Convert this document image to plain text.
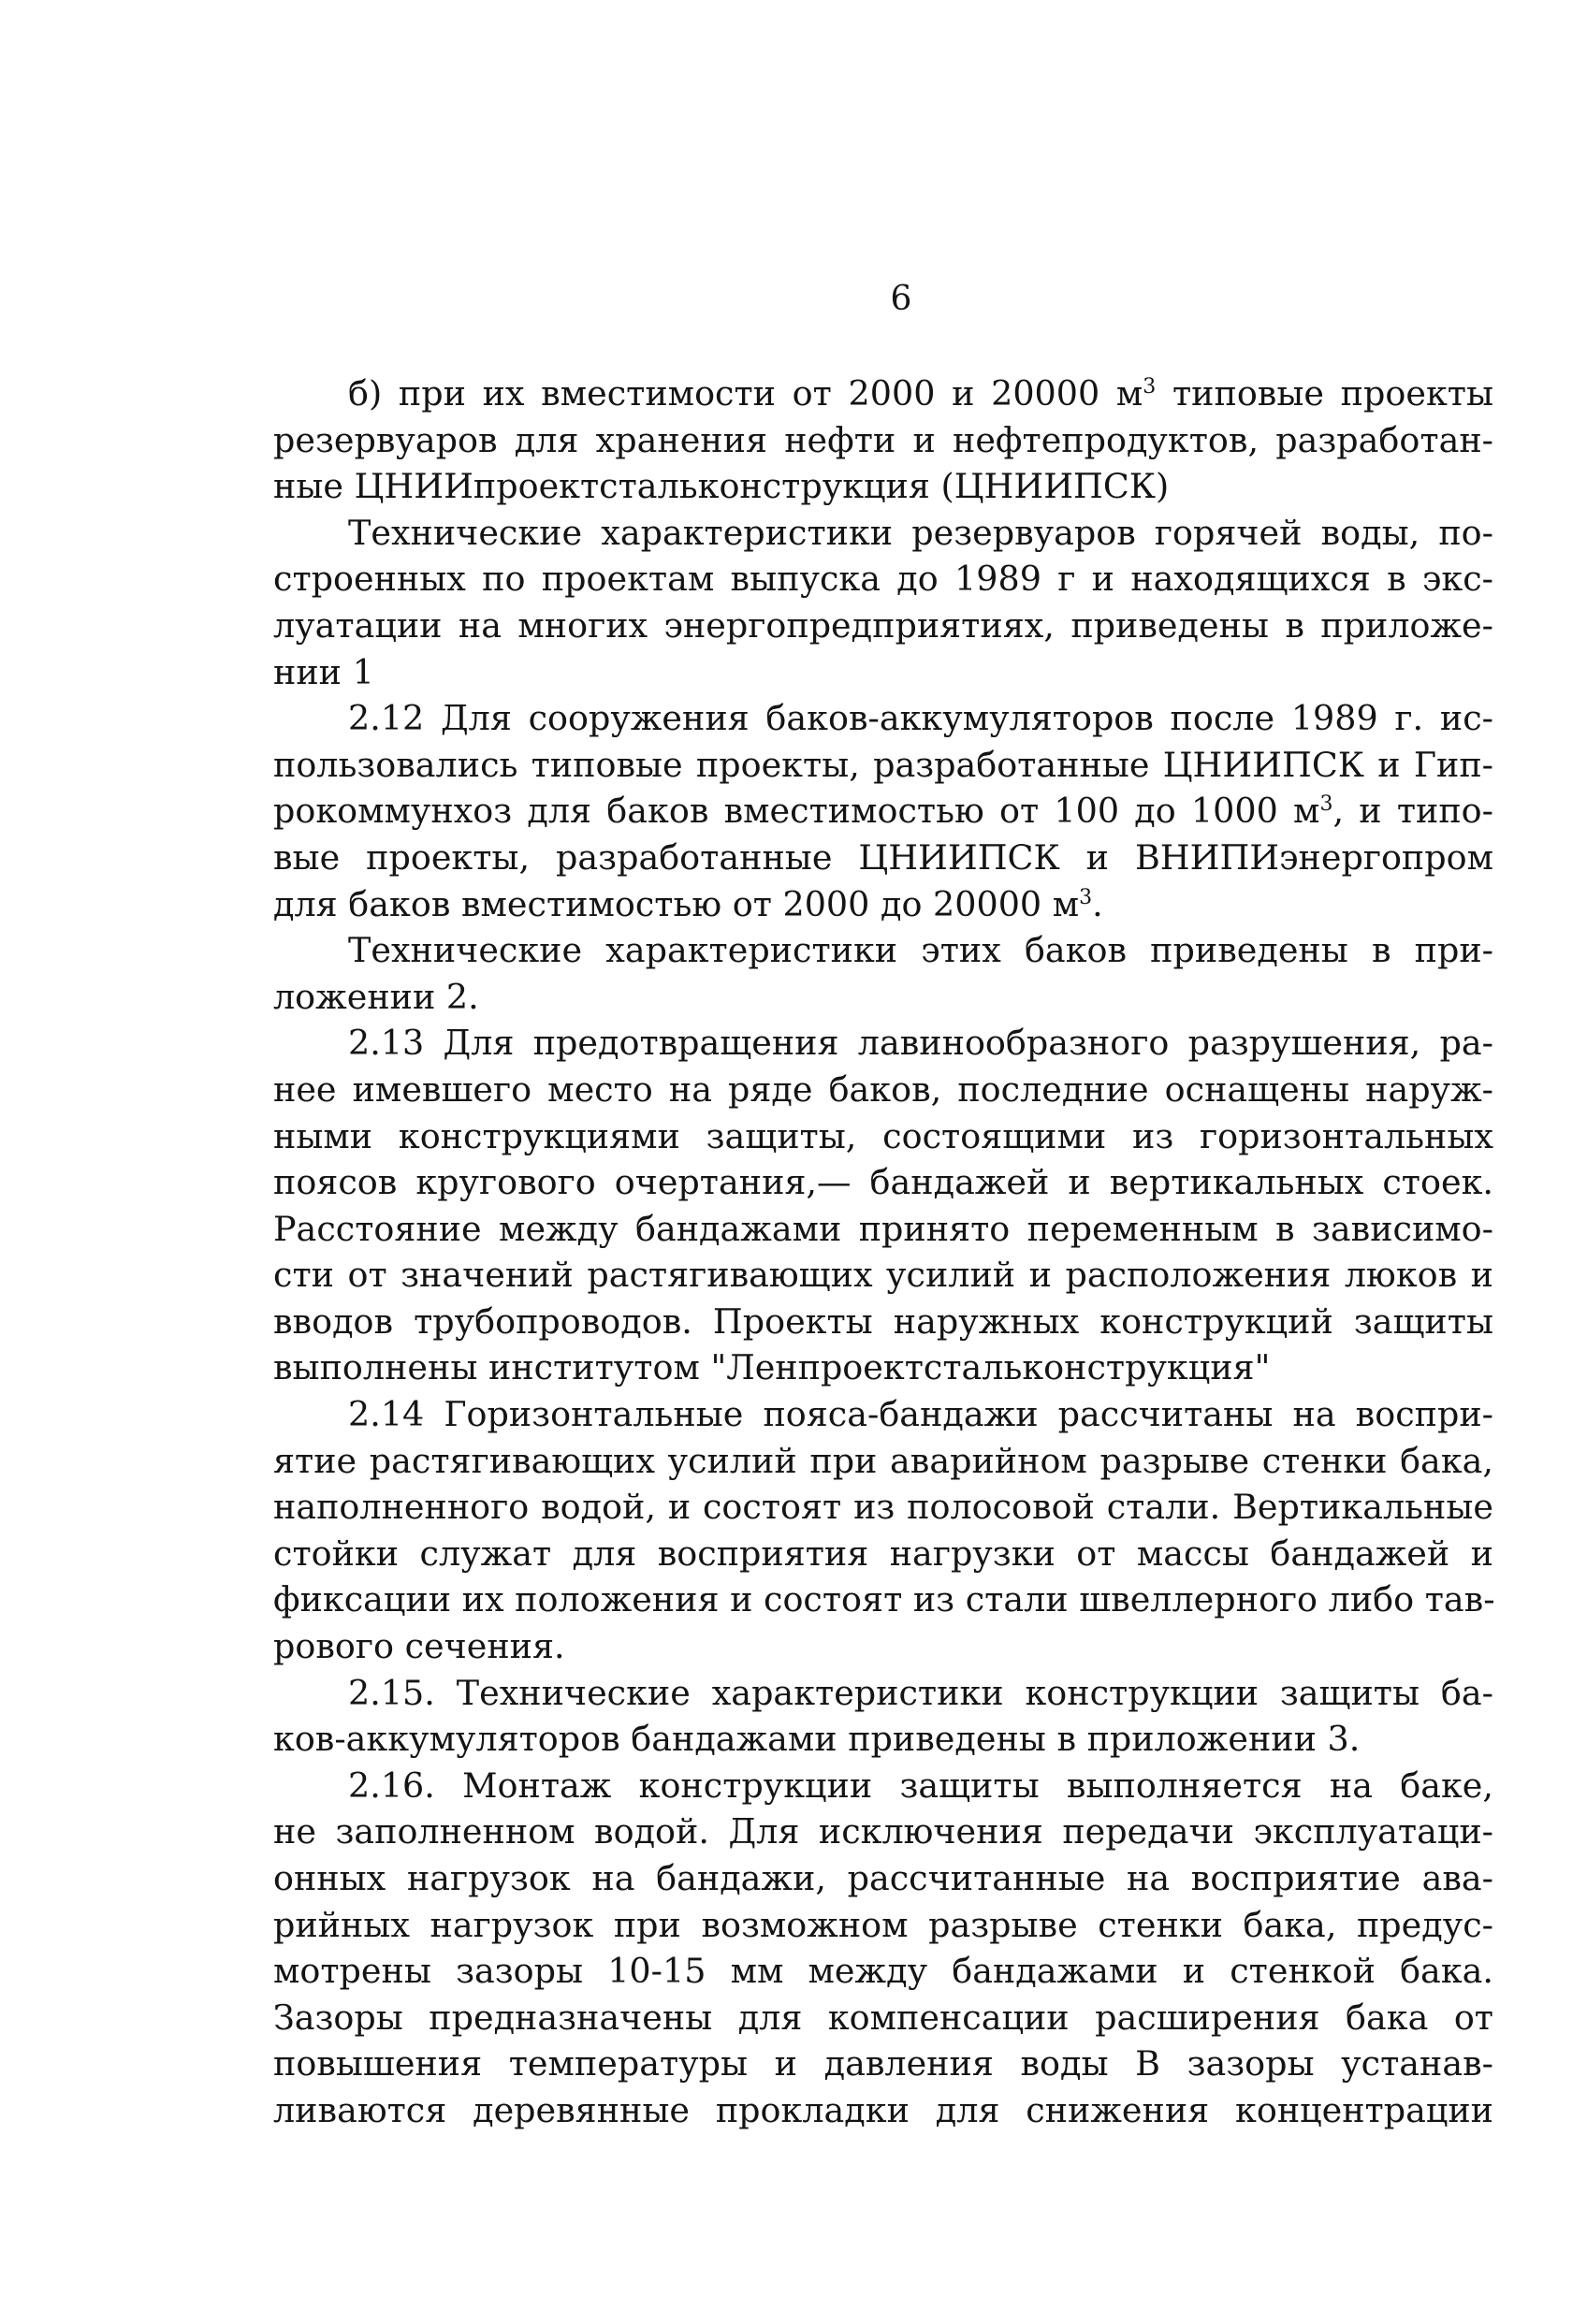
6
б) при их вместимости от 2000 и 20000 $м^3$ типовые проекты
резервуаров для хранения нефти и нефтепродуктов, разработан-
ные ЦНИИпроектстальконструкция (ЦНИИПСК)
Технические характеристики резервуаров горячей воды, по-
строенных по проектам выпуска до 1989 г и находящихся в экс-
луатации на многих энергопредприятиях, приведены в приложе-
нии 1
2.12 Для сооружения баков-аккумуляторов после 1989 г. ис-
пользовались типовые проекты, разработанные ЦНИИПСК и Гип-
рокоммунхоз для баков вместимостью от 100 до 1000 $м^3$, и типо-
вые проекты, разработанные ЦНИИПСК и ВНИПИэнергопром
для баков вместимостью от 2000 до 20000 $м^3$.
Технические характеристики этих баков приведены в при-
ложении 2.
2.13 Для предотвращения лавинообразного разрушения, ра-
нее имевшего место на ряде баков, последние оснащены наруж-
ными конструкциями защиты, состоящими из горизонтальных
поясов кругового очертания,— бандажей и вертикальных стоек.
Расстояние между бандажами принято переменным в зависимо-
сти от значений растягивающих усилий и расположения люков и
вводов трубопроводов. Проекты наружных конструкций защиты
выполнены институтом "Ленпроектстальконструкция"
2.14 Горизонтальные пояса-бандажи рассчитаны на воспри-
ятие растягивающих усилий при аварийном разрыве стенки бака,
наполненного водой, и состоят из полосовой стали. Вертикальные
стойки служат для восприятия нагрузки от массы бандажей и
фиксации их положения и состоят из стали швеллерного либо тав-
рового сечения.
2.15. Технические характеристики конструкции защиты ба-
ков-аккумуляторов бандажами приведены в приложении 3.
2.16. Монтаж конструкции защиты выполняется на баке,
не заполненном водой. Для исключения передачи эксплуатаци-
онных нагрузок на бандажи, рассчитанные на восприятие ава-
рийных нагрузок при возможном разрыве стенки бака, предус-
мотрены зазоры 10-15 мм между бандажами и стенкой бака.
Зазоры предназначены для компенсации расширения бака от
повышения температуры и давления воды В зазоры устанав-
ливаются деревянные прокладки для снижения концентрации
